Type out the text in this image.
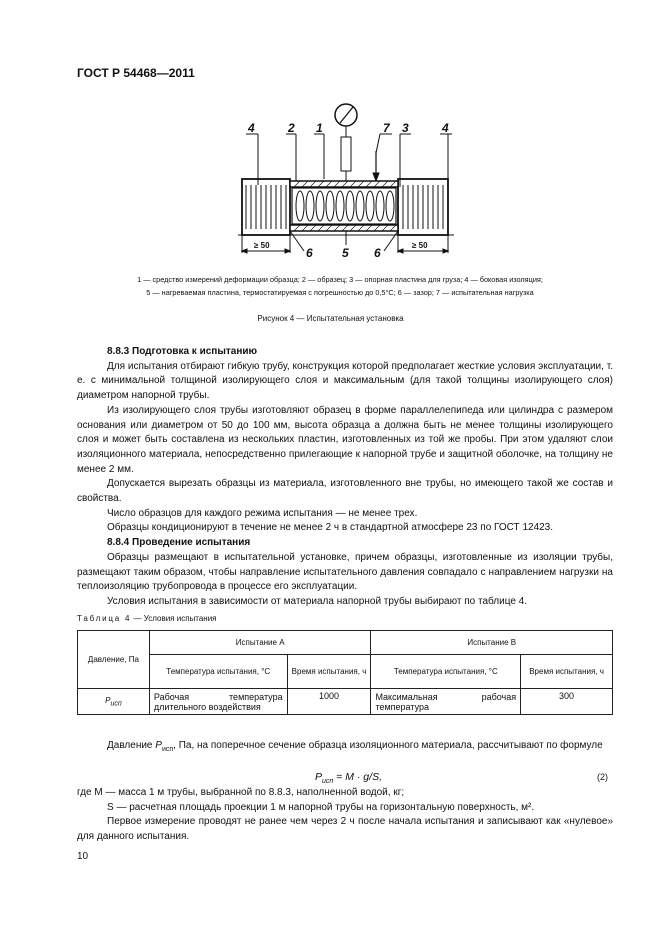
ГОСТ Р 54468—2011
4	2 1	7 3	4
≥ 50	≥ 50
6 5 6
1 — средство измерений деформации образца; 2 — образец; 3 — опорная пластина для груза; 4 — боковая изоляция;
5 — нагреваемая пластина, термостатируемая с погрешностью до 0,5°С; 6 — зазор; 7 — испытательная нагрузка
Рисунок 4 — Испытательная установка

8.8.3 Подготовка к испытанию

Для испытания отбирают гибкую трубу, конструкция которой предполагает жесткие условия эксплуатации, т. е. с минимальной толщиной изолирующего слоя и максимальным (для такой толщины изолирующего слоя) диаметром напорной трубы.

Из изолирующего слоя трубы изготовляют образец в форме параллелепипеда или цилиндра с размером основания или диаметром от 50 до 100 мм, высота образца а должна быть не менее толщины изолирующего слоя и может быть составлена из нескольких пластин, изготовленных из той же пробы. При этом удаляют слои изоляционного материала, непосредственно прилегающие к напорной трубе и защитной оболочке, на толщину не менее 2 мм.

Допускается вырезать образцы из материала, изготовленного вне трубы, но имеющего такой же состав и свойства.

Число образцов для каждого режима испытания — не менее трех.

Образцы кондиционируют в течение не менее 2 ч в стандартной атмосфере 23 по ГОСТ 12423.

8.8.4 Проведение испытания

Образцы размещают в испытательной установке, причем образцы, изготовленные из изоляции трубы, размещают таким образом, чтобы направление испытательного давления совпадало с направлением нагрузки на теплоизоляцию трубопровода в процессе его эксплуатации.

Условия испытания в зависимости от материала напорной трубы выбирают по таблице 4.

Таблица 4 — Условия испытания
Давление, Па	Испытание А		Испытание В	
	Температура испытания, °С	Время испытания, ч	Температура испытания, °С	Время испытания, ч
$P_{исп}$	Рабочая температура длительного воздействия	1000	Максимальная рабочая температура	300

Давление $P_{исп}$, Па, на поперечное сечение образца изоляционного материала, рассчитывают по формуле

$P_{исп} = M \cdot g/S$,	(2)

где M — масса 1 м трубы, выбранной по 8.8.3, наполненной водой, кг;

S — расчетная площадь проекции 1 м напорной трубы на горизонтальную поверхность, м².

Первое измерение проводят не ранее чем через 2 ч после начала испытания и записывают как «нулевое» для данного испытания.

10
